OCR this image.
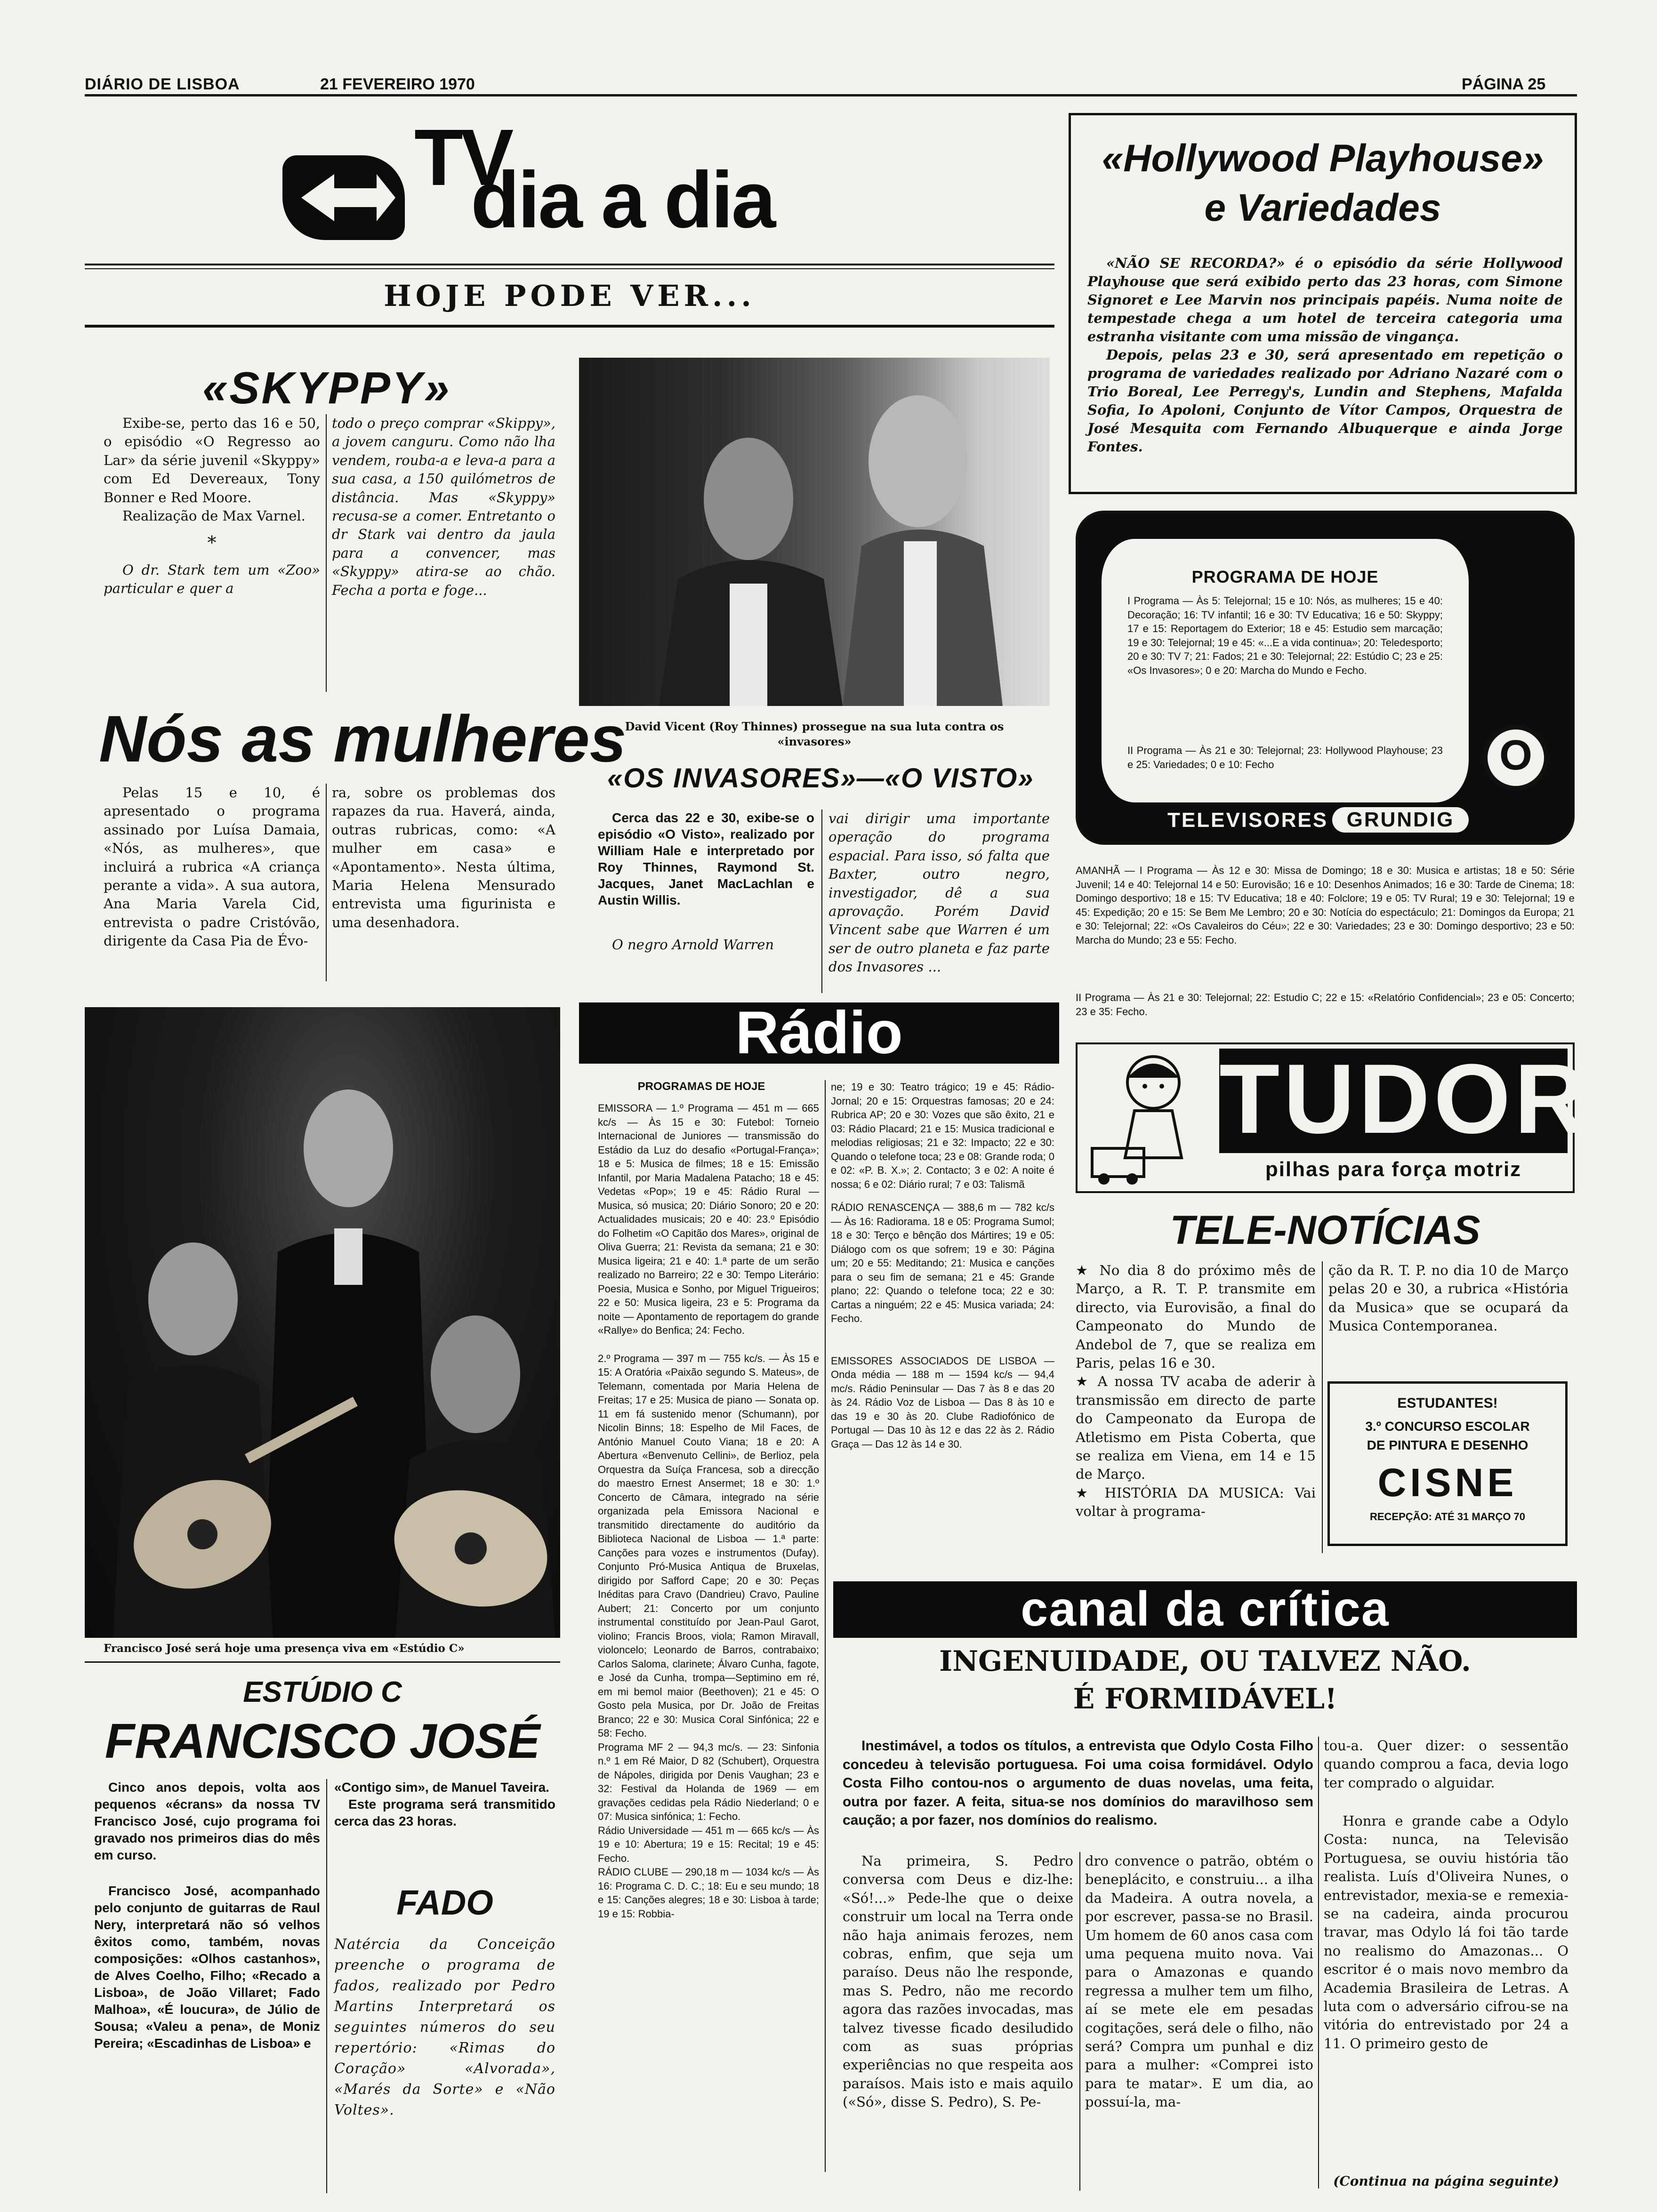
DIÁRIO DE LISBOA	21 FEVEREIRO 1970	PÁGINA 25
TV
dia a dia
HOJE PODE VER...
«SKYPPY»

Exibe-se, perto das 16 e 50, o episódio «O Regresso ao Lar» da série juvenil «Skyppy» com Ed Devereaux, Tony Bonner e Red Moore.

Realização de Max Varnel.

*

O dr. Stark tem um «Zoo» particular e quer a

todo o preço comprar «Skippy», a jovem canguru. Como não lha vendem, rouba-a e leva-a para a sua casa, a 150 quilómetros de distância. Mas «Skyppy» recusa-se a comer. Entretanto o dr Stark vai dentro da jaula para a convencer, mas «Skyppy» atira-se ao chão. Fecha a porta e foge...
David Vicent (Roy Thinnes) prossegue na sua luta contra os «invasores»
«OS INVASORES»—«O VISTO»

Cerca das 22 e 30, exibe-se o episódio «O Visto», realizado por William Hale e interpretado por Roy Thinnes, Raymond St. Jacques, Janet MacLachlan e Austin Willis.

O negro Arnold Warren

vai dirigir uma importante operação do programa espacial. Para isso, só falta que Baxter, outro negro, investigador, dê a sua aprovação. Porém David Vincent sabe que Warren é um ser de outro planeta e faz parte dos Invasores ...
Nós as mulheres
Pelas 15 e 10, é apresentado o programa assinado por Luísa Damaia, «Nós, as mulheres», que incluirá a rubrica «A criança perante a vida». A sua autora, Ana Maria Varela Cid, entrevista o padre Cristóvão, dirigente da Casa Pia de Évo-
ra, sobre os problemas dos rapazes da rua. Haverá, ainda, outras rubricas, como: «A mulher em casa» e «Apontamento». Nesta última, Maria Helena Mensurado entrevista uma figurinista e uma desenhadora.
«Hollywood Playhouse»
e Variedades

«NÃO SE RECORDA?» é o episódio da série Hollywood Playhouse que será exibido perto das 23 horas, com Simone Signoret e Lee Marvin nos principais papéis. Numa noite de tempestade chega a um hotel de terceira categoria uma estranha visitante com uma missão de vingança.

Depois, pelas 23 e 30, será apresentado em repetição o programa de variedades realizado por Adriano Nazaré com o Trio Boreal, Lee Perregy's, Lundin and Stephens, Mafalda Sofia, Io Apoloni, Conjunto de Vítor Campos, Orquestra de José Mesquita com Fernando Albuquerque e ainda Jorge Fontes.

PROGRAMA DE HOJE
I Programa — Às 5: Telejornal; 15 e 10: Nós, as mulheres; 15 e 40: Decoração; 16: TV infantil; 16 e 30: TV Educativa; 16 e 50: Skyppy; 17 e 15: Reportagem do Exterior; 18 e 45: Estudio sem marcação; 19 e 30: Telejornal; 19 e 45: «...E a vida continua»; 20: Teledesporto; 20 e 30: TV 7; 21: Fados; 21 e 30: Telejornal; 22: Estúdio C; 23 e 25: «Os Invasores»; 0 e 20: Marcha do Mundo e Fecho.
II Programa — Às 21 e 30: Telejornal; 23: Hollywood Playhouse; 23 e 25: Variedades; 0 e 10: Fecho	O
TELEVISORES GRUNDIG
AMANHÃ — I Programa — Às 12 e 30: Missa de Domingo; 18 e 30: Musica e artistas; 18 e 50: Série Juvenil; 14 e 40: Telejornal 14 e 50: Eurovisão; 16 e 10: Desenhos Animados; 16 e 30: Tarde de Cinema; 18: Domingo desportivo; 18 e 15: TV Educativa; 18 e 40: Folclore; 19 e 05: TV Rural; 19 e 30: Telejornal; 19 e 45: Expedição; 20 e 15: Se Bem Me Lembro; 20 e 30: Notícia do espectáculo; 21: Domingos da Europa; 21 e 30: Telejornal; 22: «Os Cavaleiros do Céu»; 22 e 30: Variedades; 23 e 30: Domingo desportivo; 23 e 50: Marcha do Mundo; 23 e 55: Fecho.
II Programa — Às 21 e 30: Telejornal; 22: Estudio C; 22 e 15: «Relatório Confidencial»; 23 e 05: Concerto; 23 e 35: Fecho.
TUDOR
pilhas para força motriz
TELE-NOTÍCIAS

★ No dia 8 do próximo mês de Março, a R. T. P. transmite em directo, via Eurovisão, a final do Campeonato do Mundo de Andebol de 7, que se realiza em Paris, pelas 16 e 30.

★ A nossa TV acaba de aderir à transmissão em directo de parte do Campeonato da Europa de Atletismo em Pista Coberta, que se realiza em Viena, em 14 e 15 de Março.

★ HISTÓRIA DA MUSICA: Vai voltar à programa-

ção da R. T. P. no dia 10 de Março pelas 20 e 30, a rubrica «História da Musica» que se ocupará da Musica Contemporanea.
ESTUDANTES!
3.º CONCURSO ESCOLAR
DE PINTURA E DESENHO
CISNE
RECEPÇÃO: ATÉ 31 MARÇO 70
Rádio
PROGRAMAS DE HOJE

EMISSORA — 1.º Programa — 451 m — 665 kc/s — Às 15 e 30: Futebol: Torneio Internacional de Juniores — transmissão do Estádio da Luz do desafio «Portugal-França»; 18 e 5: Musica de filmes; 18 e 15: Emissão Infantil, por Maria Madalena Patacho; 18 e 45: Vedetas «Pop»; 19 e 45: Rádio Rural — Musica, só musica; 20: Diário Sonoro; 20 e 20: Actualidades musicais; 20 e 40: 23.º Episódio do Folhetim «O Capitão dos Mares», original de Oliva Guerra; 21: Revista da semana; 21 e 30: Musica ligeira; 21 e 40: 1.ª parte de um serão realizado no Barreiro; 22 e 30: Tempo Literário: Poesia, Musica e Sonho, por Miguel Trigueiros; 22 e 50: Musica ligeira, 23 e 5: Programa da noite — Apontamento de reportagem do grande «Rallye» do Benfica; 24: Fecho.

2.º Programa — 397 m — 755 kc/s. — Às 15 e 15: A Oratória «Paixão segundo S. Mateus», de Telemann, comentada por Maria Helena de Freitas; 17 e 25: Musica de piano — Sonata op. 11 em fá sustenido menor (Schumann), por Nicolin Binns; 18: Espelho de Mil Faces, de António Manuel Couto Viana; 18 e 20: A Abertura «Benvenuto Cellini», de Berlioz, pela Orquestra da Suíça Francesa, sob a direcção do maestro Ernest Ansermet; 18 e 30: 1.º Concerto de Câmara, integrado na série organizada pela Emissora Nacional e transmitido directamente do auditório da Biblioteca Nacional de Lisboa — 1.ª parte: Canções para vozes e instrumentos (Dufay). Conjunto Pró-Musica Antiqua de Bruxelas, dirigido por Safford Cape; 20 e 30: Peças Inéditas para Cravo (Dandrieu) Cravo, Pauline Aubert; 21: Concerto por um conjunto instrumental constituído por Jean-Paul Garot, violino; Francis Broos, viola; Ramon Miravall, violoncelo; Leonardo de Barros, contrabaixo; Carlos Saloma, clarinete; Álvaro Cunha, fagote, e José da Cunha, trompa—Septimino em ré, em mi bemol maior (Beethoven); 21 e 45: O Gosto pela Musica, por Dr. João de Freitas Branco; 22 e 30: Musica Coral Sinfónica; 22 e 58: Fecho.

Programa MF 2 — 94,3 mc/s. — 23: Sinfonia n.º 1 em Ré Maior, D 82 (Schubert), Orquestra de Nápoles, dirigida por Denis Vaughan; 23 e 32: Festival da Holanda de 1969 — em gravações cedidas pela Rádio Niederland; 0 e 07: Musica sinfónica; 1: Fecho.

Rádio Universidade — 451 m — 665 kc/s — Às 19 e 10: Abertura; 19 e 15: Recital; 19 e 45: Fecho.

RÁDIO CLUBE — 290,18 m — 1034 kc/s — Às 16: Programa C. D. C.; 18: Eu e seu mundo; 18 e 15: Canções alegres; 18 e 30: Lisboa à tarde; 19 e 15: Robbia-

ne; 19 e 30: Teatro trágico; 19 e 45: Rádio-Jornal; 20 e 15: Orquestras famosas; 20 e 24: Rubrica AP; 20 e 30: Vozes que são êxito, 21 e 03: Rádio Placard; 21 e 15: Musica tradicional e melodias religiosas; 21 e 32: Impacto; 22 e 30: Quando o telefone toca; 23 e 08: Grande roda; 0 e 02: «P. B. X.»; 2. Contacto; 3 e 02: A noite é nossa; 6 e 02: Diário rural; 7 e 03: Talismã

RÁDIO RENASCENÇA — 388,6 m — 782 kc/s — Às 16: Radiorama. 18 e 05: Programa Sumol; 18 e 30: Terço e bênção dos Mártires; 19 e 05: Diálogo com os que sofrem; 19 e 30: Página um; 20 e 55: Meditando; 21: Musica e canções para o seu fim de semana; 21 e 45: Grande plano; 22: Quando o telefone toca; 22 e 30: Cartas a ninguém; 22 e 45: Musica variada; 24: Fecho.

EMISSORES ASSOCIADOS DE LISBOA — Onda média — 188 m — 1594 kc/s — 94,4 mc/s. Rádio Peninsular — Das 7 às 8 e das 20 às 24. Rádio Voz de Lisboa — Das 8 às 10 e das 19 e 30 às 20. Clube Radiofónico de Portugal — Das 10 às 12 e das 22 às 2. Rádio Graça — Das 12 às 14 e 30.

Francisco José será hoje uma presença viva em «Estúdio C»
ESTÚDIO C
FRANCISCO JOSÉ

Cinco anos depois, volta aos pequenos «écrans» da nossa TV Francisco José, cujo programa foi gravado nos primeiros dias do mês em curso.

Francisco José, acompanhado pelo conjunto de guitarras de Raul Nery, interpretará não só velhos êxitos como, também, novas composições: «Olhos castanhos», de Alves Coelho, Filho; «Recado a Lisboa», de João Villaret; Fado Malhoa», «É loucura», de Júlio de Sousa; «Valeu a pena», de Moniz Pereira; «Escadinhas de Lisboa» e

«Contigo sim», de Manuel Taveira.

Este programa será transmitido cerca das 23 horas.

FADO
Natércia da Conceição preenche o programa de fados, realizado por Pedro Martins Interpretará os seguintes números do seu repertório: «Rimas do Coração» «Alvorada», «Marés da Sorte» e «Não Voltes».
canal da crítica
INGENUIDADE, OU TALVEZ NÃO.
É FORMIDÁVEL!
Inestimável, a todos os títulos, a entrevista que Odylo Costa Filho concedeu à televisão portuguesa. Foi uma coisa formidável. Odylo Costa Filho contou-nos o argumento de duas novelas, uma feita, outra por fazer. A feita, situa-se nos domínios do maravilhoso sem caução; a por fazer, nos domínios do realismo.
tou-a. Quer dizer: o sessentão quando comprou a faca, devia logo ter comprado o alguidar.
Na primeira, S. Pedro conversa com Deus e diz-lhe: «Só!...» Pede-lhe que o deixe construir um local na Terra onde não haja animais ferozes, nem cobras, enfim, que seja um paraíso. Deus não lhe responde, mas S. Pedro, não me recordo agora das razões invocadas, mas talvez tivesse ficado desiludido com as suas próprias experiências no que respeita aos paraísos. Mais isto e mais aquilo («Só», disse S. Pedro), S. Pe-
dro convence o patrão, obtém o beneplácito, e construiu... a ilha da Madeira. A outra novela, a por escrever, passa-se no Brasil. Um homem de 60 anos casa com uma pequena muito nova. Vai para o Amazonas e quando regressa a mulher tem um filho, aí se mete ele em pesadas cogitações, será dele o filho, não será? Compra um punhal e diz para a mulher: «Comprei isto para te matar». E um dia, ao possuí-la, ma-
Honra e grande cabe a Odylo Costa: nunca, na Televisão Portuguesa, se ouviu história tão realista. Luís d'Oliveira Nunes, o entrevistador, mexia-se e remexia-se na cadeira, ainda procurou travar, mas Odylo lá foi tão tarde no realismo do Amazonas... O escritor é o mais novo membro da Academia Brasileira de Letras. A luta com o adversário cifrou-se na vitória do entrevistado por 24 a 11. O primeiro gesto de
(Continua na página seguinte)
